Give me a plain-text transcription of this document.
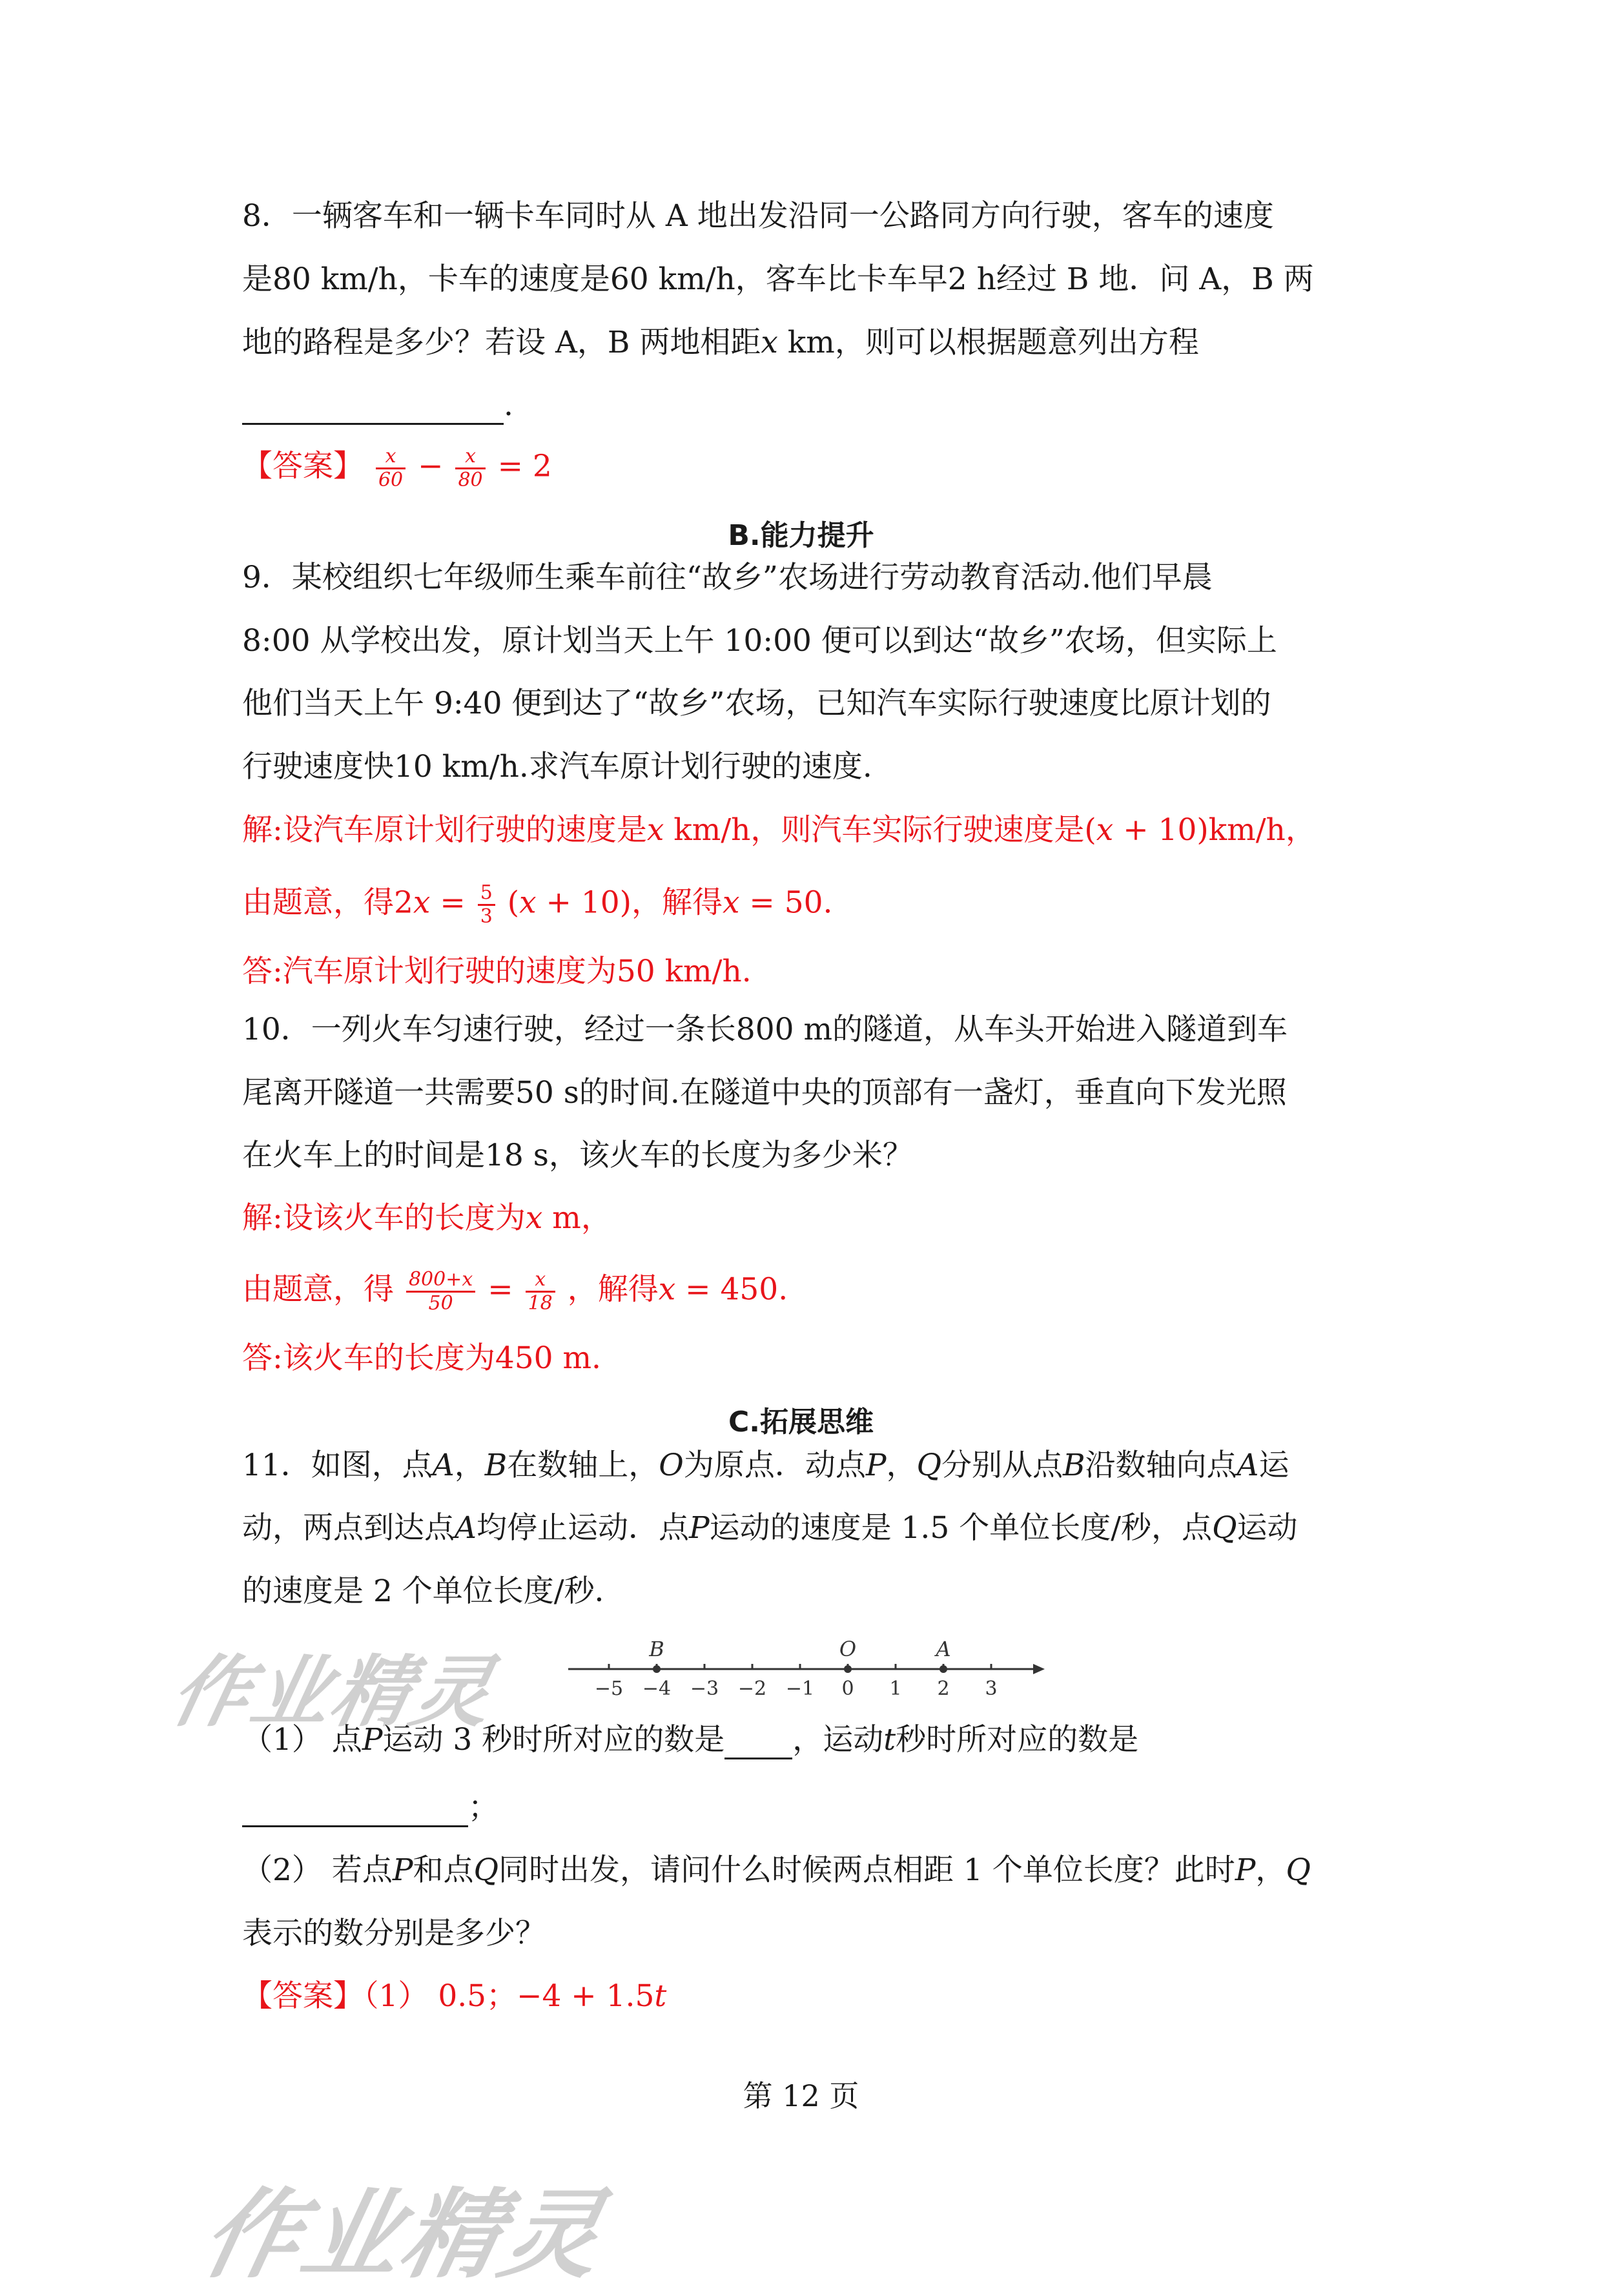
8．一辆客车和一辆卡车同时从 A 地出发沿同一公路同方向行驶，客车的速度
是80 km/h，卡车的速度是60 km/h，客车比卡车早2 h经过 B 地．问 A，B 两
地的路程是多少？若设 A，B 两地相距𝑥 km，则可以根据题意列出方程
.
【答案】 $\frac{x}{60} - \frac{x}{80} = 2$
B.能力提升
9．某校组织七年级师生乘车前往“故乡”农场进行劳动教育活动.他们早晨
8:00 从学校出发，原计划当天上午 10:00 便可以到达“故乡”农场，但实际上
他们当天上午 9:40 便到达了“故乡”农场，已知汽车实际行驶速度比原计划的
行驶速度快10 km/h.求汽车原计划行驶的速度.
解:设汽车原计划行驶的速度是𝑥 km/h，则汽车实际行驶速度是(𝑥 + 10)km/h，
由题意，得2𝑥 = $\frac{5}{3}$ (𝑥 + 10)，解得𝑥 = 50.
答:汽车原计划行驶的速度为50 km/h.
10．一列火车匀速行驶，经过一条长800 m的隧道，从车头开始进入隧道到车
尾离开隧道一共需要50 s的时间.在隧道中央的顶部有一盏灯，垂直向下发光照
在火车上的时间是18 s，该火车的长度为多少米？
解:设该火车的长度为𝑥 m，
由题意，得 $\frac{800+x}{50} = \frac{x}{18}$ ，解得𝑥 = 450.
答:该火车的长度为450 m.
C.拓展思维
11．如图，点𝐴，𝐵在数轴上，𝑂为原点．动点𝑃，𝑄分别从点𝐵沿数轴向点𝐴运
动，两点到达点𝐴均停止运动．点𝑃运动的速度是 1.5 个单位长度/秒，点𝑄运动
的速度是 2 个单位长度/秒．
作业精灵	−5 −4 −3 −2 −1 0 1 2 3
B	O	A
（1） 点𝑃运动 3 秒时所对应的数是 ，运动𝑡秒时所对应的数是
；
（2） 若点𝑃和点𝑄同时出发，请问什么时候两点相距 1 个单位长度？此时𝑃，𝑄
表示的数分别是多少？
【答案】（1） 0.5；−4 + 1.5𝑡
第 12 页
作业精灵
